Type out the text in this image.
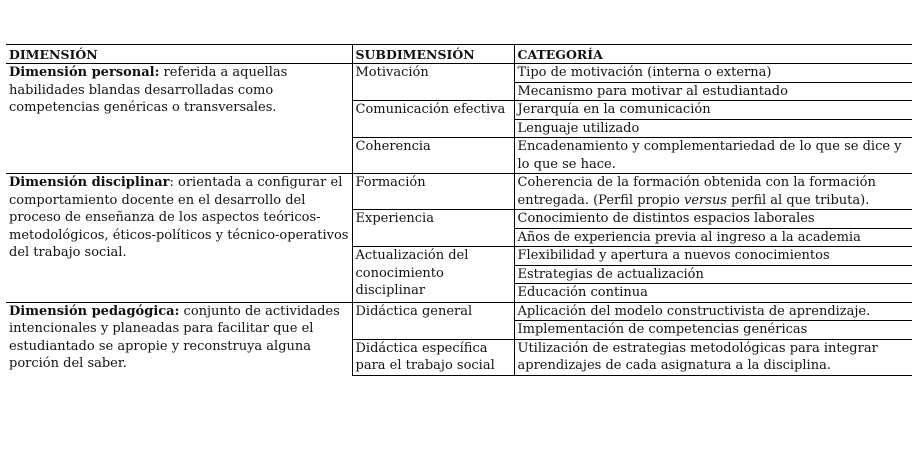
DIMENSIÓN	SUBDIMENSIÓN	CATEGORÍA
Dimensión personal: referida a aquellas habilidades blandas desarrolladas como competencias genéricas o transversales.	Motivación	Tipo de motivación (interna o externa)
		Mecanismo para motivar al estudiantado
	Comunicación efectiva	Jerarquía en la comunicación
		Lenguaje utilizado
	Coherencia	Encadenamiento y complementariedad de lo que se dice y lo que se hace.
Dimensión disciplinar: orientada a configurar el comportamiento docente en el desarrollo del proceso de enseñanza de los aspectos teóricos-metodológicos, éticos-políticos y técnico-operativos del trabajo social.	Formación	Coherencia de la formación obtenida con la formación entregada. (Perfil propio versus perfil al que tributa).
	Experiencia	Conocimiento de distintos espacios laborales
		Años de experiencia previa al ingreso a la academia
	Actualización del conocimiento disciplinar	Flexibilidad y apertura a nuevos conocimientos
		Estrategias de actualización
		Educación continua
Dimensión pedagógica: conjunto de actividades intencionales y planeadas para facilitar que el estudiantado se apropie y reconstruya alguna porción del saber.	Didáctica general	Aplicación del modelo constructivista de aprendizaje.
		Implementación de competencias genéricas
	Didáctica específica para el trabajo social	Utilización de estrategias metodológicas para integrar aprendizajes de cada asignatura a la disciplina.
